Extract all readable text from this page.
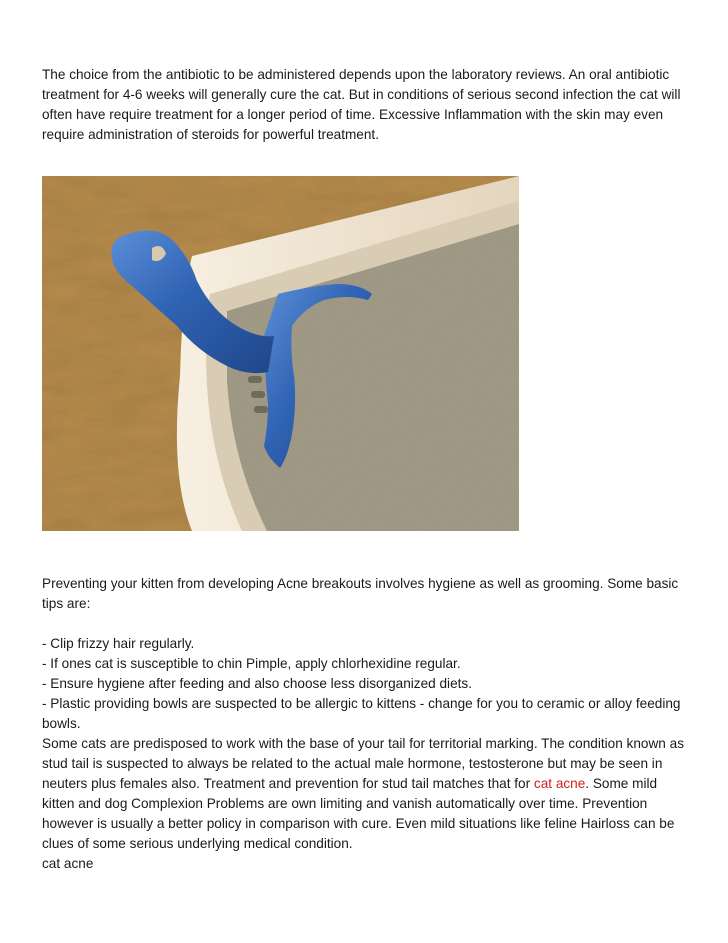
The choice from the antibiotic to be administered depends upon the laboratory reviews. An oral antibiotic treatment for 4-6 weeks will generally cure the cat. But in conditions of serious second infection the cat will often have require treatment for a longer period of time. Excessive Inflammation with the skin may even require administration of steroids for powerful treatment.

Preventing your kitten from developing Acne breakouts involves hygiene as well as grooming. Some basic tips are:

- Clip frizzy hair regularly.
- If ones cat is susceptible to chin Pimple, apply chlorhexidine regular.
- Ensure hygiene after feeding and also choose less disorganized diets.
- Plastic providing bowls are suspected to be allergic to kittens - change for you to ceramic or alloy feeding bowls.
Some cats are predisposed to work with the base of your tail for territorial marking. The condition known as stud tail is suspected to always be related to the actual male hormone, testosterone but may be seen in neuters plus females also. Treatment and prevention for stud tail matches that for cat acne. Some mild kitten and dog Complexion Problems are own limiting and vanish automatically over time. Prevention however is usually a better policy in comparison with cure. Even mild situations like feline Hairloss can be clues of some serious underlying medical condition.
cat acne
